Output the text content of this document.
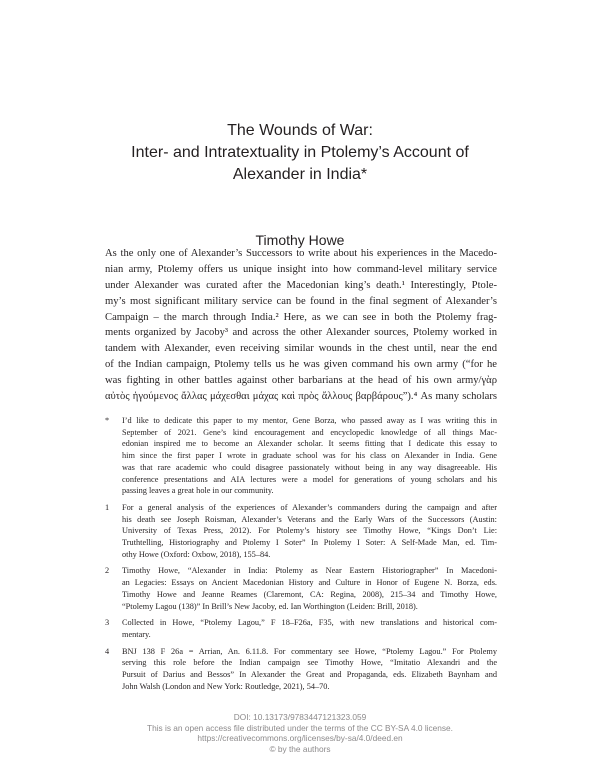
The Wounds of War:
Inter- and Intratextuality in Ptolemy’s Account of
Alexander in India*
Timothy Howe
As the only one of Alexander’s Successors to write about his experiences in the Macedo-
nian army, Ptolemy offers us unique insight into how command-level military service
under Alexander was curated after the Macedonian king’s death.¹ Interestingly, Ptole-
my’s most significant military service can be found in the final segment of Alexander’s
Campaign – the march through India.² Here, as we can see in both the Ptolemy frag-
ments organized by Jacoby³ and across the other Alexander sources, Ptolemy worked in
tandem with Alexander, even receiving similar wounds in the chest until, near the end
of the Indian campaign, Ptolemy tells us he was given command his own army (“for he
was fighting in other battles against other barbarians at the head of his own army/γὰρ
αὐτὸς ἡγούμενος ἄλλας μάχεσθαι μάχας καὶ πρὸς ἄλλους βαρβάρους”).⁴ As many scholars
* I’d like to dedicate this paper to my mentor, Gene Borza, who passed away as I was writing this in
September of 2021. Gene’s kind encouragement and encyclopedic knowledge of all things Mac-
edonian inspired me to become an Alexander scholar. It seems fitting that I dedicate this essay to
him since the first paper I wrote in graduate school was for his class on Alexander in India. Gene
was that rare academic who could disagree passionately without being in any way disagreeable. His
conference presentations and AIA lectures were a model for generations of young scholars and his
passing leaves a great hole in our community.
1 For a general analysis of the experiences of Alexander’s commanders during the campaign and after
his death see Joseph Roisman, Alexander’s Veterans and the Early Wars of the Successors (Austin:
University of Texas Press, 2012). For Ptolemy’s history see Timothy Howe, “Kings Don’t Lie:
Truthtelling, Historiography and Ptolemy I Soter” In Ptolemy I Soter: A Self-Made Man, ed. Tim-
othy Howe (Oxford: Oxbow, 2018), 155–84.
2 Timothy Howe, “Alexander in India: Ptolemy as Near Eastern Historiographer” In Macedoni-
an Legacies: Essays on Ancient Macedonian History and Culture in Honor of Eugene N. Borza, eds.
Timothy Howe and Jeanne Reames (Claremont, CA: Regina, 2008), 215–34 and Timothy Howe,
“Ptolemy Lagou (138)” In Brill’s New Jacoby, ed. Ian Worthington (Leiden: Brill, 2018).
3 Collected in Howe, “Ptolemy Lagou,” F 18–F26a, F35, with new translations and historical com-
mentary.
4 BNJ 138 F 26a = Arrian, An. 6.11.8. For commentary see Howe, “Ptolemy Lagou.” For Ptolemy
serving this role before the Indian campaign see Timothy Howe, “Imitatio Alexandri and the
Pursuit of Darius and Bessos” In Alexander the Great and Propaganda, eds. Elizabeth Baynham and
John Walsh (London and New York: Routledge, 2021), 54–70.
DOI: 10.13173/9783447121323.059
This is an open access file distributed under the terms of the CC BY-SA 4.0 license.
https://creativecommons.org/licenses/by-sa/4.0/deed.en
© by the authors
